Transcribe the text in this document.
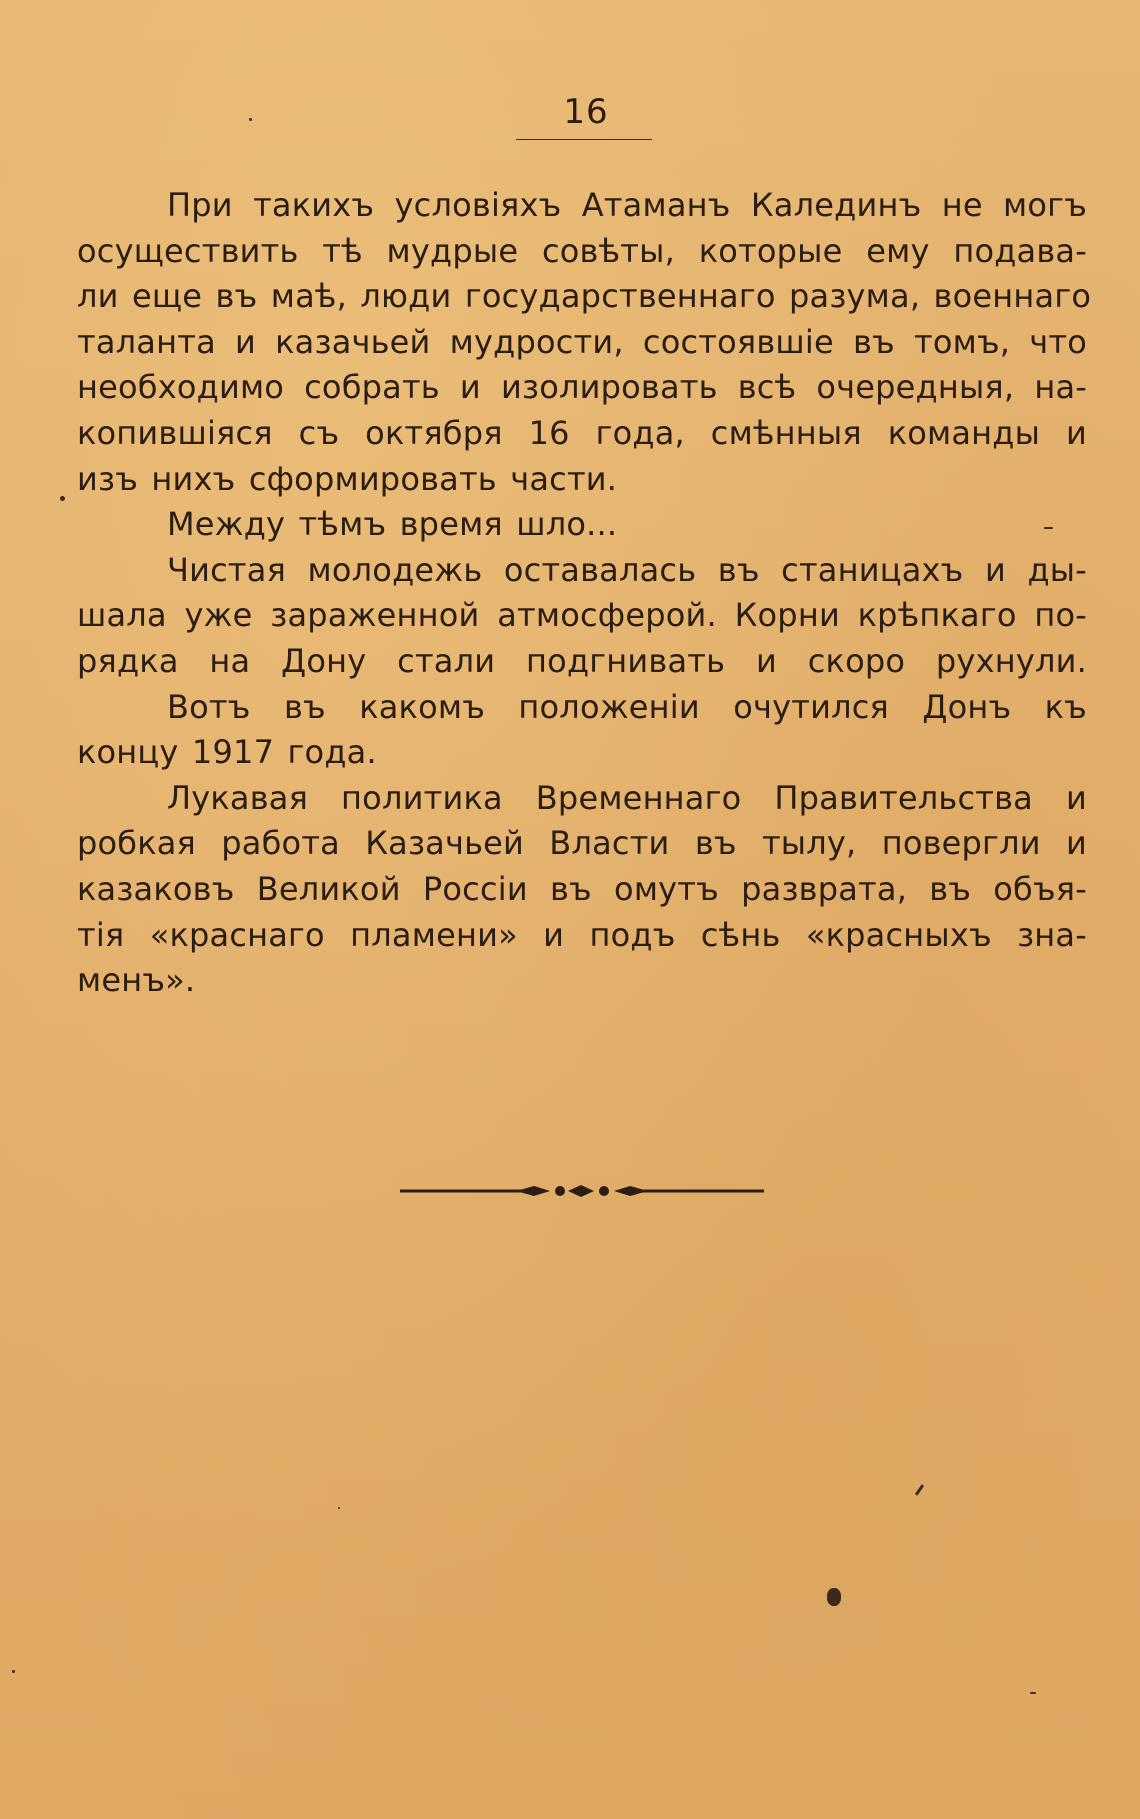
16

При такихъ условiяхъ Атаманъ Калединъ не могъ
осуществить тѣ мудрые совѣты, которые ему подава-
ли еще въ маѣ, люди государственнаго разума, военнаго
таланта и казачьей мудрости, состоявшiе въ томъ, что
необходимо собрать и изолировать всѣ очередныя, на-
копившiяся съ октября 16 года, смѣнныя команды и
изъ нихъ сформировать части.

Между тѣмъ время шло...

Чистая молодежь оставалась въ станицахъ и ды-
шала уже зараженной атмосферой. Корни крѣпкаго по-
рядка на Дону стали подгнивать и скоро рухнули.

Вотъ въ какомъ положенiи очутился Донъ къ
концу 1917 года.

Лукавая политика Временнаго Правительства и
робкая работа Казачьей Власти въ тылу, повергли и
казаковъ Великой Россiи въ омутъ разврата, въ объя-
тiя «краснаго пламени» и подъ сѣнь «красныхъ зна-
менъ».
